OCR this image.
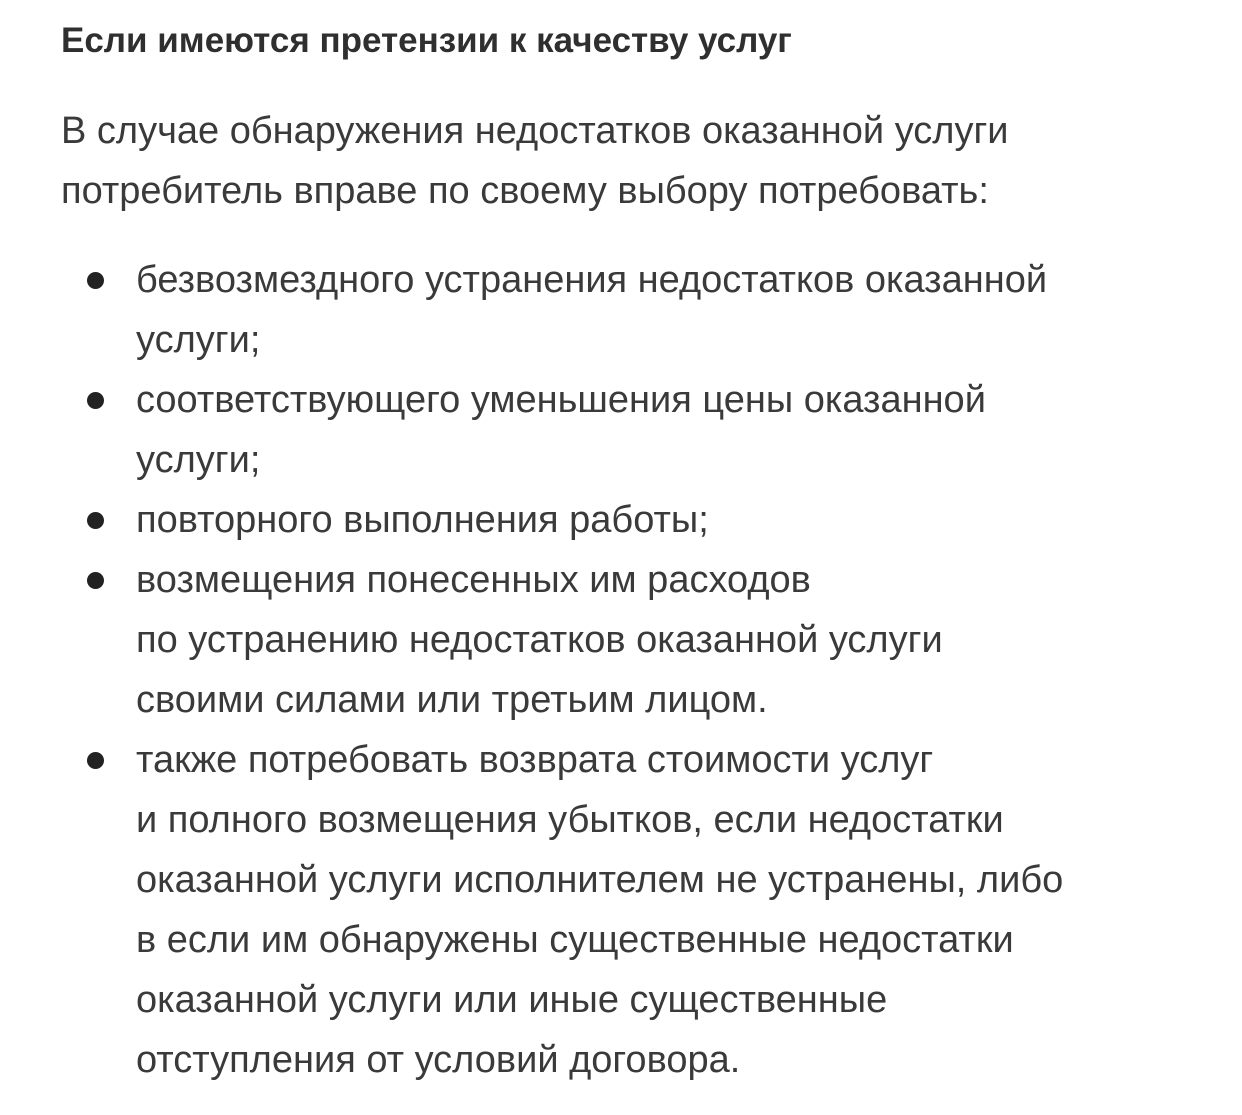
Если имеются претензии к качеству услуг

В случае обнаружения недостатков оказанной услуги
потребитель вправе по своему выбору потребовать:

безвозмездного устранения недостатков оказанной
услуги;
соответствующего уменьшения цены оказанной
услуги;
повторного выполнения работы;
возмещения понесенных им расходов
по устранению недостатков оказанной услуги
своими силами или третьим лицом.
также потребовать возврата стоимости услуг
и полного возмещения убытков, если недостатки
оказанной услуги исполнителем не устранены, либо
в если им обнаружены существенные недостатки
оказанной услуги или иные существенные
отступления от условий договора.
